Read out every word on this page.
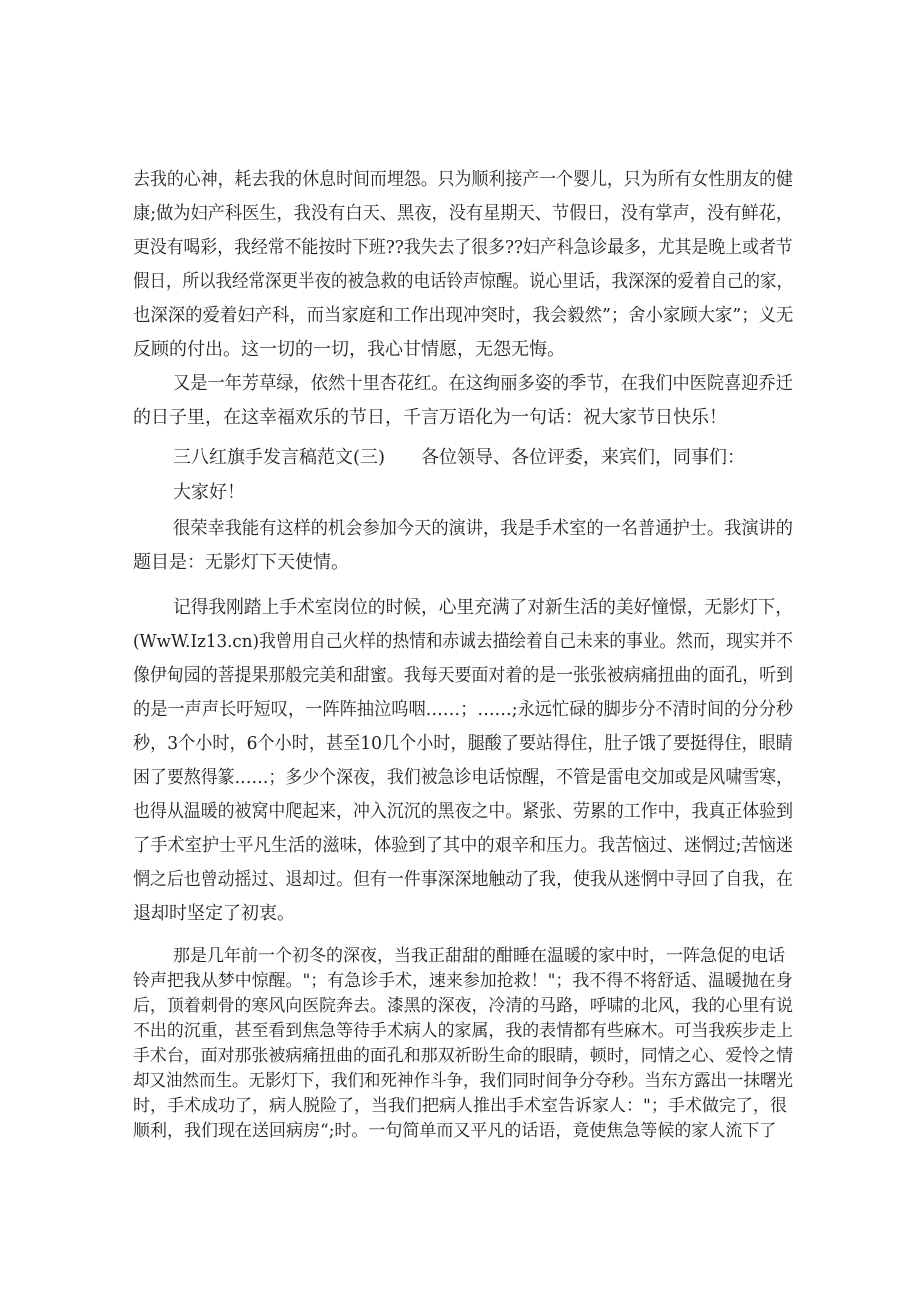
去我的心神，耗去我的休息时间而埋怨。只为顺利接产一个婴儿，只为所有女性朋友的健

康;做为妇产科医生，我没有白天、黑夜，没有星期天、节假日，没有掌声，没有鲜花，

更没有喝彩，我经常不能按时下班??我失去了很多??妇产科急诊最多，尤其是晚上或者节

假日，所以我经常深更半夜的被急救的电话铃声惊醒。说心里话，我深深的爱着自己的家，

也深深的爱着妇产科，而当家庭和工作出现冲突时，我会毅然”；舍小家顾大家”；义无

反顾的付出。这一切的一切，我心甘情愿，无怨无悔。

又是一年芳草绿，依然十里杏花红。在这绚丽多姿的季节，在我们中医院喜迎乔迁

的日子里，在这幸福欢乐的节日，千言万语化为一句话：祝大家节日快乐！

三八红旗手发言稿范文(三) 各位领导、各位评委，来宾们，同事们：

大家好！

很荣幸我能有这样的机会参加今天的演讲，我是手术室的一名普通护士。我演讲的

题目是：无影灯下天使情。

记得我刚踏上手术室岗位的时候，心里充满了对新生活的美好憧憬，无影灯下，

(WwW.Iz13.cn)我曾用自己火样的热情和赤诚去描绘着自己未来的事业。然而，现实并不

像伊甸园的菩提果那般完美和甜蜜。我每天要面对着的是一张张被病痛扭曲的面孔，听到

的是一声声长吁短叹，一阵阵抽泣呜咽……；……;永远忙碌的脚步分不清时间的分分秒

秒，3个小时，6个小时，甚至10几个小时，腿酸了要站得住，肚子饿了要挺得住，眼睛

困了要熬得篆……；多少个深夜，我们被急诊电话惊醒，不管是雷电交加或是风啸雪寒，

也得从温暖的被窝中爬起来，冲入沉沉的黑夜之中。紧张、劳累的工作中，我真正体验到

了手术室护士平凡生活的滋味，体验到了其中的艰辛和压力。我苦恼过、迷惘过;苦恼迷

惘之后也曾动摇过、退却过。但有一件事深深地触动了我，使我从迷惘中寻回了自我，在

退却时坚定了初衷。

那是几年前一个初冬的深夜，当我正甜甜的酣睡在温暖的家中时，一阵急促的电话

铃声把我从梦中惊醒。"；有急诊手术，速来参加抢救！"；我不得不将舒适、温暖抛在身

后，顶着刺骨的寒风向医院奔去。漆黑的深夜，冷清的马路，呼啸的北风，我的心里有说

不出的沉重，甚至看到焦急等待手术病人的家属，我的表情都有些麻木。可当我疾步走上

手术台，面对那张被病痛扭曲的面孔和那双祈盼生命的眼睛，顿时，同情之心、爱怜之情

却又油然而生。无影灯下，我们和死神作斗争，我们同时间争分夺秒。当东方露出一抹曙光

时，手术成功了，病人脱险了，当我们把病人推出手术室告诉家人："；手术做完了，很

顺利，我们现在送回病房“;时。一句简单而又平凡的话语，竟使焦急等候的家人流下了
